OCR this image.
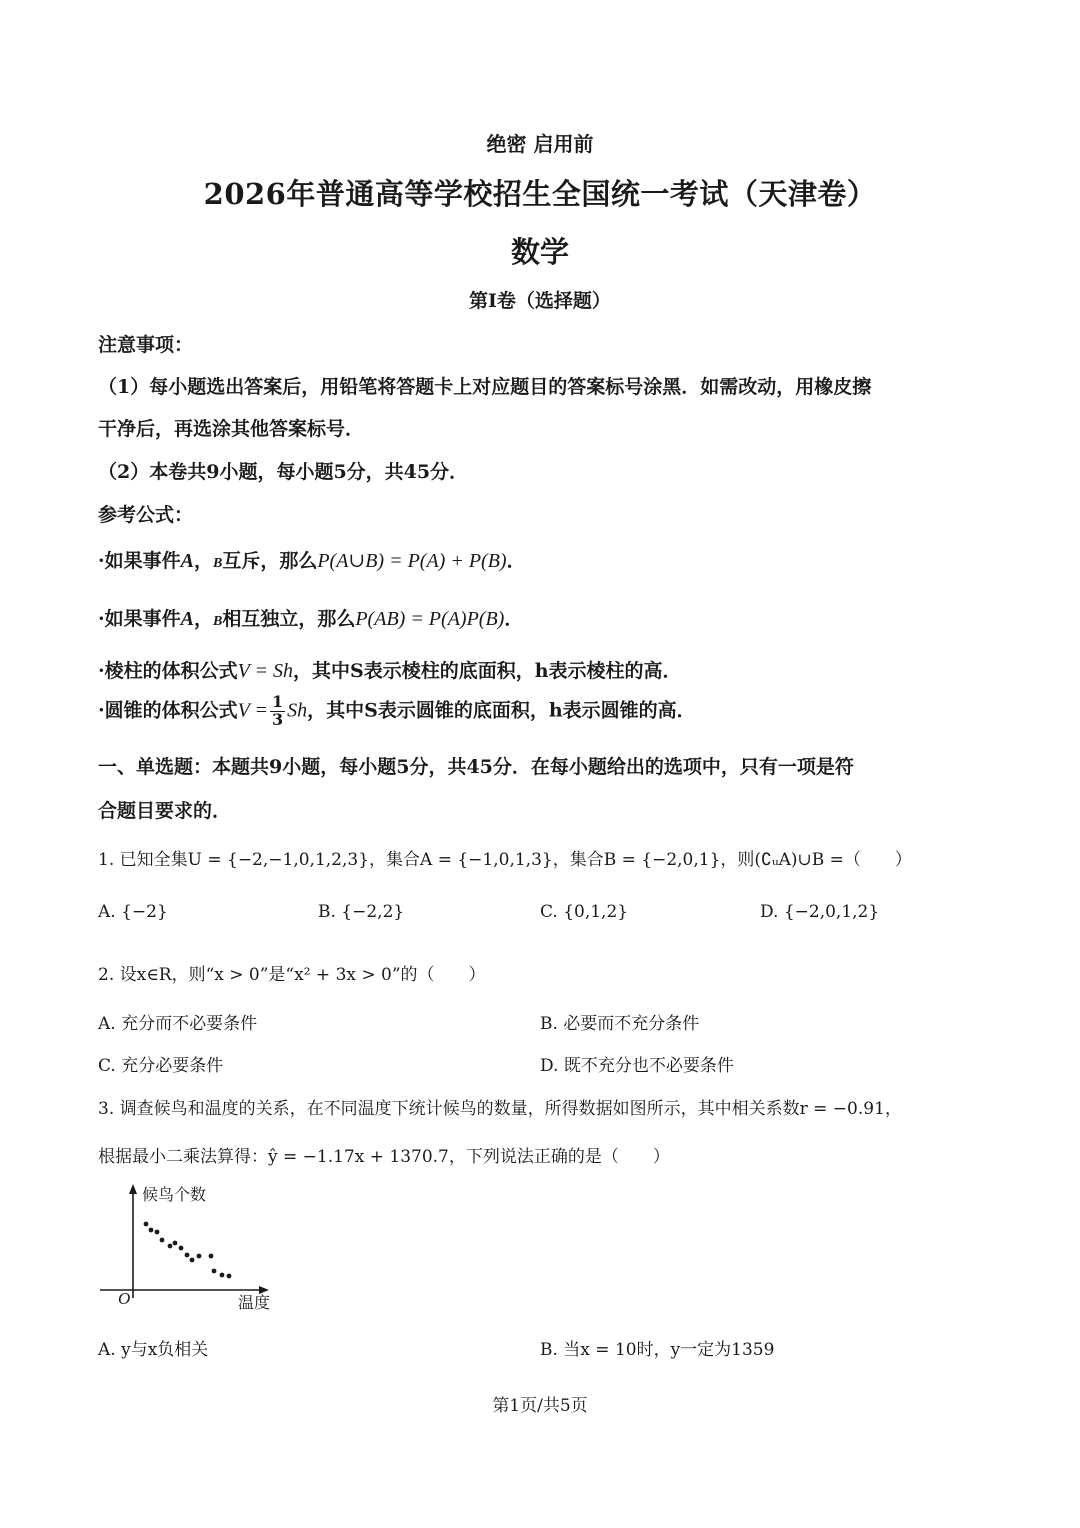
绝密 启用前
2026年普通高等学校招生全国统一考试（天津卷）
数学
第Ⅰ卷（选择题）
注意事项：
（1）每小题选出答案后，用铅笔将答题卡上对应题目的答案标号涂黑．如需改动，用橡皮擦
干净后，再选涂其他答案标号．
（2）本卷共9小题，每小题5分，共45分．
参考公式：
·如果事件A，B互斥，那么P(A∪B) = P(A) + P(B)．
·如果事件A，B相互独立，那么P(AB) = P(A)P(B)．
·棱柱的体积公式V = Sh，其中S表示棱柱的底面积，h表示棱柱的高．
·圆锥的体积公式$V = \frac{1}{3}$ Sh，其中S表示圆锥的底面积，h表示圆锥的高．
一、单选题：本题共9小题，每小题5分，共45分．在每小题给出的选项中，只有一项是符
合题目要求的．
1. 已知全集U = {−2,−1,0,1,2,3}，集合A = {−1,0,1,3}，集合B = {−2,0,1}，则(∁ᵤA)∪B =（　　）
A. {−2}	B. {−2,2}	C. {0,1,2}	D. {−2,0,1,2}
2. 设x∈R，则“x > 0”是“x² + 3x > 0”的（　　）
A. 充分而不必要条件	B. 必要而不充分条件
C. 充分必要条件	D. 既不充分也不必要条件
3. 调查候鸟和温度的关系，在不同温度下统计候鸟的数量，所得数据如图所示，其中相关系数r = −0.91，
根据最小二乘法算得：ŷ = −1.17x + 1370.7，下列说法正确的是（　　）
候鸟个数
温度
O
A. y与x负相关	B. 当x = 10时，y一定为1359
第1页/共5页
